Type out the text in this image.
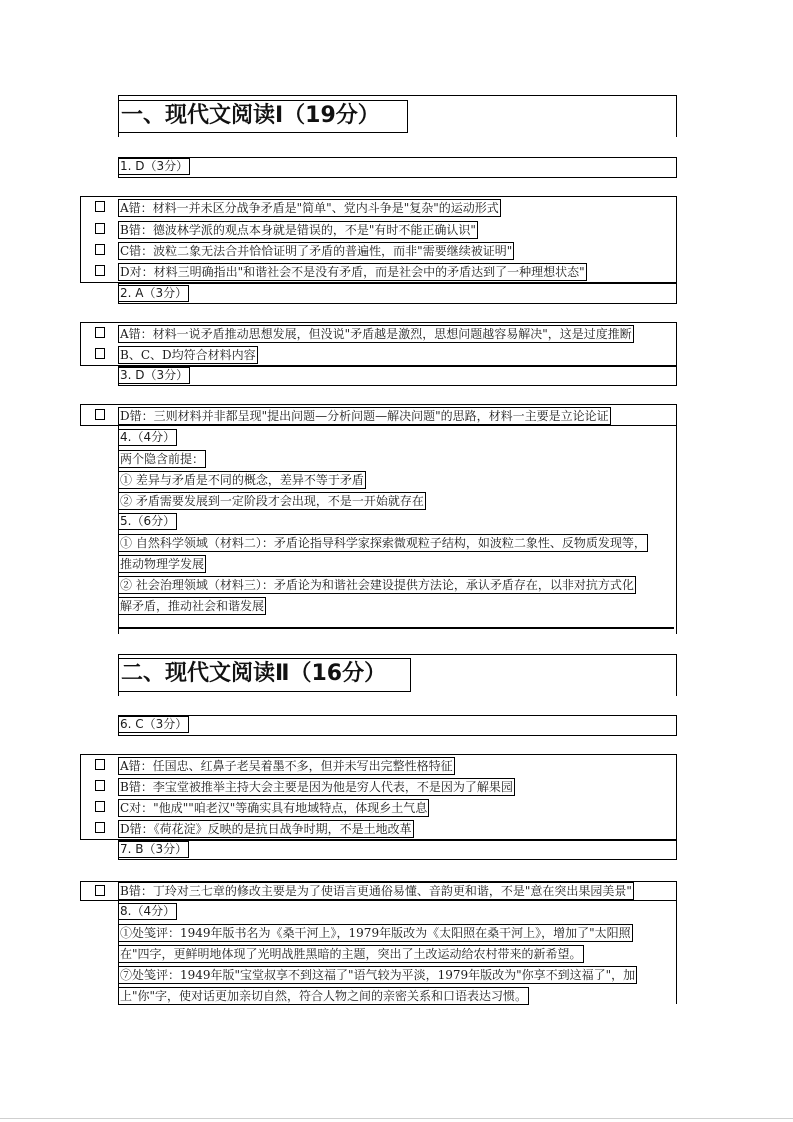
一、现代文阅读Ⅰ（19分）
1. D（3分）
A错：材料一并未区分战争矛盾是"简单"、党内斗争是"复杂"的运动形式
B错：德波林学派的观点本身就是错误的，不是"有时不能正确认识"
C错：波粒二象无法合并恰恰证明了矛盾的普遍性，而非"需要继续被证明"
D对：材料三明确指出"和谐社会不是没有矛盾，而是社会中的矛盾达到了一种理想状态"
2. A（3分）
A错：材料一说矛盾推动思想发展，但没说"矛盾越是激烈，思想问题越容易解决"，这是过度推断
B、C、D均符合材料内容
3. D（3分）
D错：三则材料并非都呈现"提出问题—分析问题—解决问题"的思路，材料一主要是立论论证
4.（4分）
两个隐含前提：
① 差异与矛盾是不同的概念，差异不等于矛盾
② 矛盾需要发展到一定阶段才会出现，不是一开始就存在
5.（6分）
① 自然科学领域（材料二）：矛盾论指导科学家探索微观粒子结构，如波粒二象性、反物质发现等，
推动物理学发展
② 社会治理领域（材料三）：矛盾论为和谐社会建设提供方法论，承认矛盾存在，以非对抗方式化
解矛盾，推动社会和谐发展
二、现代文阅读Ⅱ（16分）
6. C（3分）
A错：任国忠、红鼻子老吴着墨不多，但并未写出完整性格特征
B错：李宝堂被推举主持大会主要是因为他是穷人代表，不是因为了解果园
C对："他成""咱老汉"等确实具有地域特点，体现乡土气息
D错：《荷花淀》反映的是抗日战争时期，不是土地改革
7. B（3分）
B错：丁玲对三七章的修改主要是为了使语言更通俗易懂、音韵更和谐，不是"意在突出果园美景"
8.（4分）
①处笺评：1949年版书名为《桑干河上》，1979年版改为《太阳照在桑干河上》，增加了"太阳照
在"四字，更鲜明地体现了光明战胜黑暗的主题，突出了土改运动给农村带来的新希望。
⑦处笺评：1949年版"宝堂叔享不到这福了"语气较为平淡，1979年版改为"你享不到这福了"，加
上"你"字，使对话更加亲切自然，符合人物之间的亲密关系和口语表达习惯。
